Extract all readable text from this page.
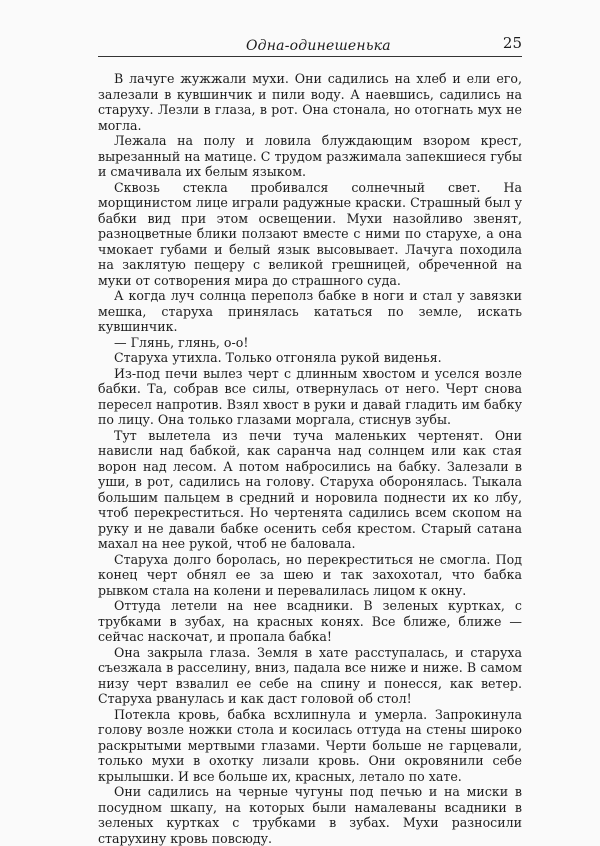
Одна-одинешенька	25

В лачуге жужжали мухи. Они садились на хлеб и ели его, залезали в кувшинчик и пили воду. А наевшись, садились на старуху. Лезли в глаза, в рот. Она стонала, но отогнать мух не могла.

Лежала на полу и ловила блуждающим взором крест, вырезанный на матице. С трудом разжимала запекшиеся губы и смачивала их белым языком.

Сквозь стекла пробивался солнечный свет. На морщинистом лице играли радужные краски. Страшный был у бабки вид при этом освещении. Мухи назойливо звенят, разноцветные блики ползают вместе с ними по старухе, а она чмокает губами и белый язык высовывает. Лачуга походила на заклятую пещеру с великой грешницей, обреченной на муки от сотворения мира до страшного суда.

А когда луч солнца переполз бабке в ноги и стал у завязки мешка, старуха принялась кататься по земле, искать кувшинчик.

— Глянь, глянь, о-о!

Старуха утихла. Только отгоняла рукой виденья.

Из-под печи вылез черт с длинным хвостом и уселся возле бабки. Та, собрав все силы, отвернулась от него. Черт снова пересел напротив. Взял хвост в руки и давай гладить им бабку по лицу. Она только глазами моргала, стиснув зубы.

Тут вылетела из печи туча маленьких чертенят. Они нависли над бабкой, как саранча над солнцем или как стая ворон над лесом. А потом набросились на бабку. Залезали в уши, в рот, садились на голову. Старуха оборонялась. Тыкала большим пальцем в средний и норовила поднести их ко лбу, чтоб перекреститься. Но чертенята садились всем скопом на руку и не давали бабке осенить себя крестом. Старый сатана махал на нее рукой, чтоб не баловала.

Старуха долго боролась, но перекреститься не смогла. Под конец черт обнял ее за шею и так захохотал, что бабка рывком стала на колени и перевалилась лицом к окну.

Оттуда летели на нее всадники. В зеленых куртках, с трубками в зубах, на красных конях. Все ближе, ближе — сейчас наскочат, и пропала бабка!

Она закрыла глаза. Земля в хате расступалась, и старуха съезжала в расселину, вниз, падала все ниже и ниже. В самом низу черт взвалил ее себе на спину и понесся, как ветер. Старуха рванулась и как даст головой об стол!

Потекла кровь, бабка всхлипнула и умерла. Запрокинула голову возле ножки стола и косилась оттуда на стены широко раскрытыми мертвыми глазами. Черти больше не гарцевали, только мухи в охотку лизали кровь. Они окровянили себе крылышки. И все больше их, красных, летало по хате.

Они садились на черные чугуны под печью и на миски в посудном шкапу, на которых были намалеваны всадники в зеленых куртках с трубками в зубах. Мухи разносили старухину кровь повсюду.
